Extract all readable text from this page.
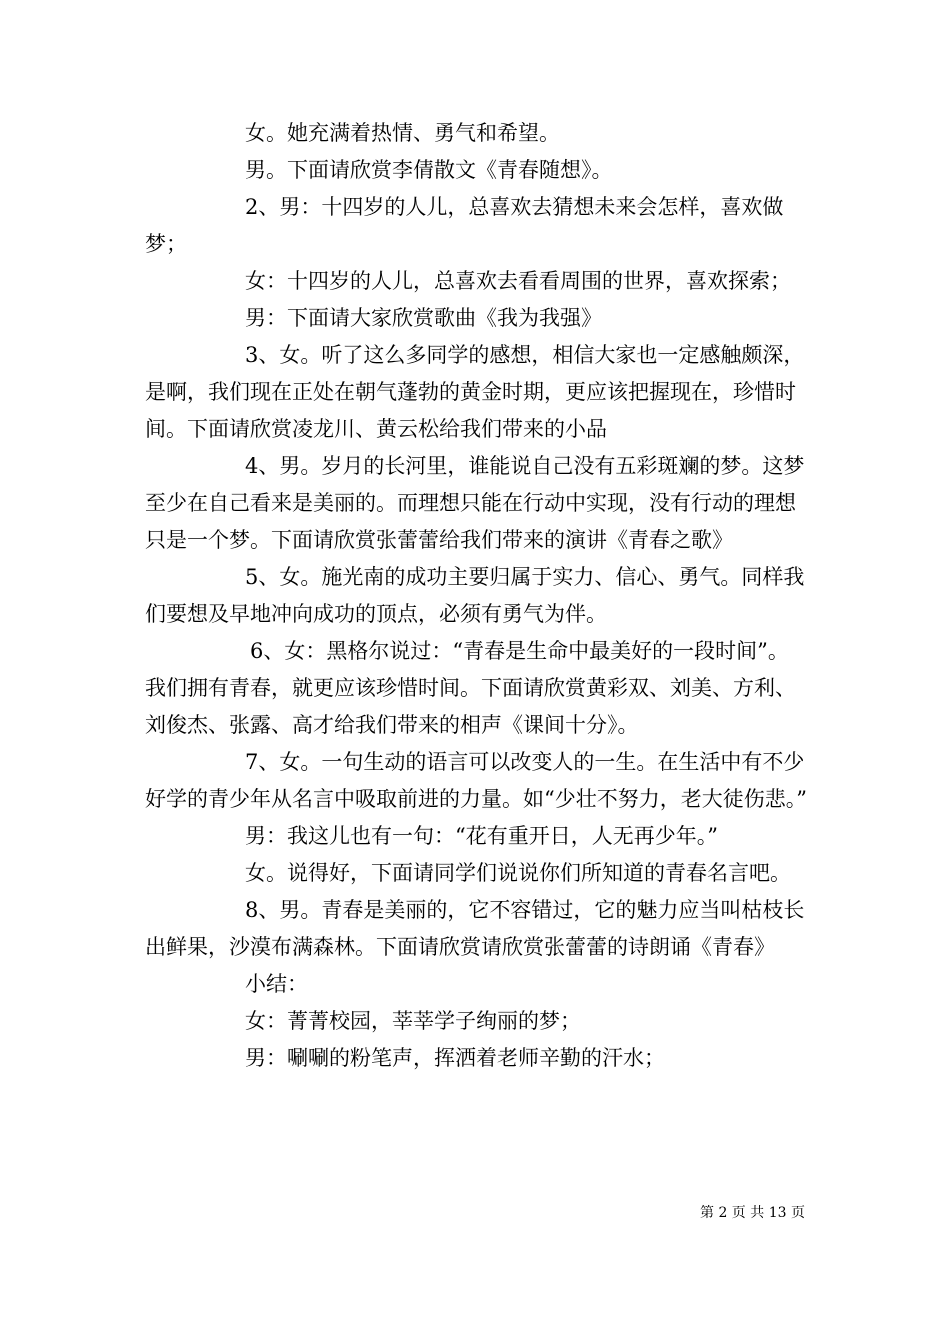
女。她充满着热情、勇气和希望。

男。下面请欣赏李倩散文《青春随想》。

2、男：十四岁的人儿，总喜欢去猜想未来会怎样，喜欢做梦；

女：十四岁的人儿，总喜欢去看看周围的世界，喜欢探索；

男：下面请大家欣赏歌曲《我为我强》

3、女。听了这么多同学的感想，相信大家也一定感触颇深，是啊，我们现在正处在朝气蓬勃的黄金时期，更应该把握现在，珍惜时间。下面请欣赏凌龙川、黄云松给我们带来的小品

4、男。岁月的长河里，谁能说自己没有五彩斑斓的梦。这梦至少在自己看来是美丽的。而理想只能在行动中实现，没有行动的理想只是一个梦。下面请欣赏张蕾蕾给我们带来的演讲《青春之歌》

5、女。施光南的成功主要归属于实力、信心、勇气。同样我们要想及早地冲向成功的顶点，必须有勇气为伴。

6、女：黑格尔说过：“青春是生命中最美好的一段时间”。我们拥有青春，就更应该珍惜时间。下面请欣赏黄彩双、刘美、方利、刘俊杰、张露、高才给我们带来的相声《课间十分》。

7、女。一句生动的语言可以改变人的一生。在生活中有不少好学的青少年从名言中吸取前进的力量。如“少壮不努力，老大徒伤悲。”

男：我这儿也有一句：“花有重开日，人无再少年。”

女。说得好，下面请同学们说说你们所知道的青春名言吧。

8、男。青春是美丽的，它不容错过，它的魅力应当叫枯枝长出鲜果，沙漠布满森林。下面请欣赏请欣赏张蕾蕾的诗朗诵《青春》

小结：

女：菁菁校园，莘莘学子绚丽的梦；

男：唰唰的粉笔声，挥洒着老师辛勤的汗水；

第 2 页 共 13 页
